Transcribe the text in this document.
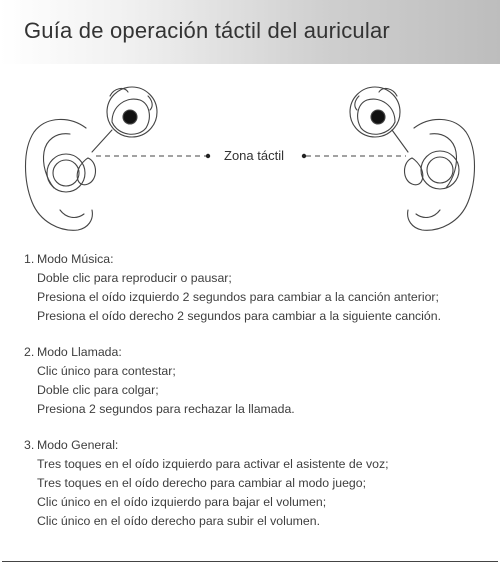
Guía de operación táctil del auricular
Zona táctil
1. Modo Música:
Doble clic para reproducir o pausar;
Presiona el oído izquierdo 2 segundos para cambiar a la canción anterior;
Presiona el oído derecho 2 segundos para cambiar a la siguiente canción.
2. Modo Llamada:
Clic único para contestar;
Doble clic para colgar;
Presiona 2 segundos para rechazar la llamada.
3. Modo General:
Tres toques en el oído izquierdo para activar el asistente de voz;
Tres toques en el oído derecho para cambiar al modo juego;
Clic único en el oído izquierdo para bajar el volumen;
Clic único en el oído derecho para subir el volumen.
